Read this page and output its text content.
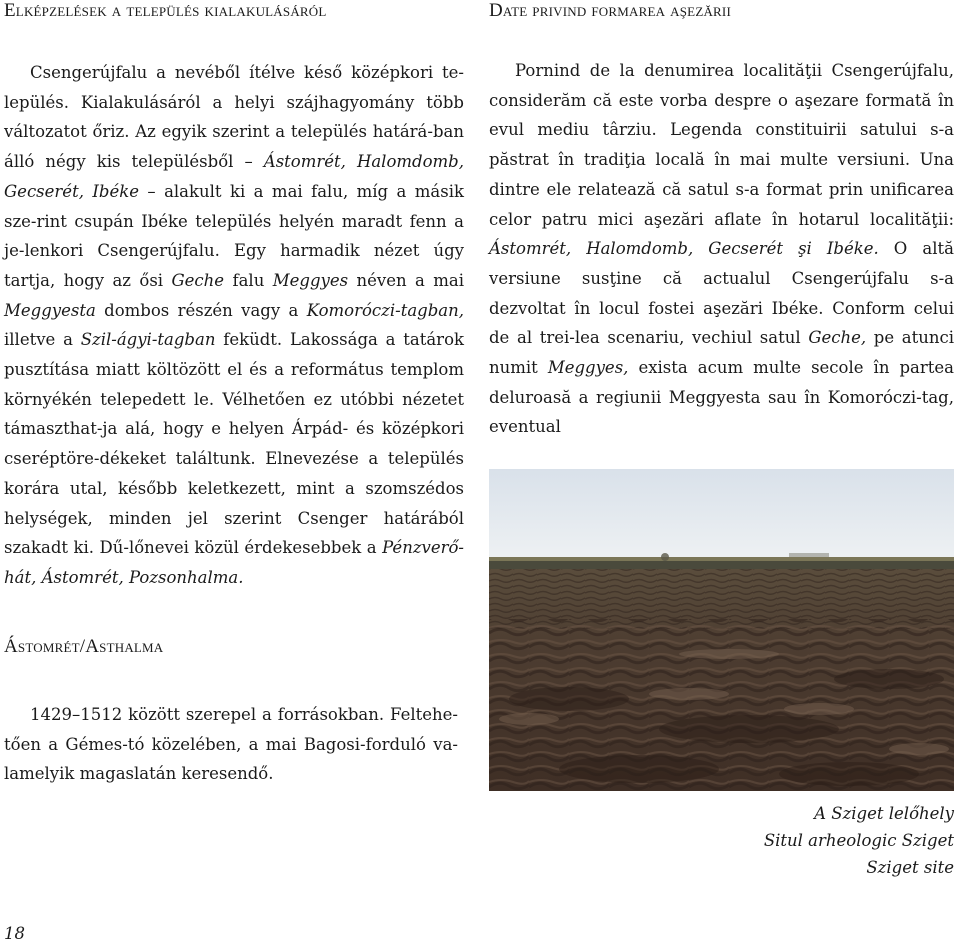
Elképzelések a település kialakulásáról	Date privind formarea aşezării

Csengerújfalu a nevéből ítélve késő középkori te-lepülés. Kialakulásáról a helyi szájhagyomány több változatot őriz. Az egyik szerint a település határá-ban álló négy kis településből – Ástomrét, Halomdomb, Gecserét, Ibéke – alakult ki a mai falu, míg a másik sze-rint csupán Ibéke település helyén maradt fenn a je-lenkori Csengerújfalu. Egy harmadik nézet úgy tartja, hogy az ősi Geche falu Meggyes néven a mai Meggyesta dombos részén vagy a Komoróczi-tagban, illetve a Szil-ágyi-tagban feküdt. Lakossága a tatárok pusztítása miatt költözött el és a református templom környékén telepedett le. Vélhetően ez utóbbi nézetet támaszthat-ja alá, hogy e helyen Árpád- és középkori cseréptöre-dékeket találtunk. Elnevezése a település korára utal, később keletkezett, mint a szomszédos helységek, minden jel szerint Csenger határából szakadt ki. Dű-lőnevei közül érdekesebbek a Pénzverő-hát, Ástomrét, Pozsonhalma.

Pornind de la denumirea localităţii Csengerújfalu, considerăm că este vorba despre o aşezare formată în evul mediu târziu. Legenda constituirii satului s-a păstrat în tradiţia locală în mai multe versiuni. Una dintre ele relatează că satul s-a format prin unificarea celor patru mici aşezări aflate în hotarul localităţii: Ástomrét, Halomdomb, Gecserét şi Ibéke. O altă versiune susţine că actualul Csengerújfalu s-a dezvoltat în locul fostei aşezări Ibéke. Conform celui de al trei-lea scenariu, vechiul satul Geche, pe atunci numit Meggyes, exista acum multe secole în partea deluroasă a regiunii Meggyesta sau în Komoróczi-tag, eventual

Ástomrét/Asthalma

1429–1512 között szerepel a forrásokban. Feltehe-tően a Gémes-tó közelében, a mai Bagosi-forduló va-lamelyik magaslatán keresendő.

A Sziget lelőhely
Situl arheologic Sziget
Sziget site

18
